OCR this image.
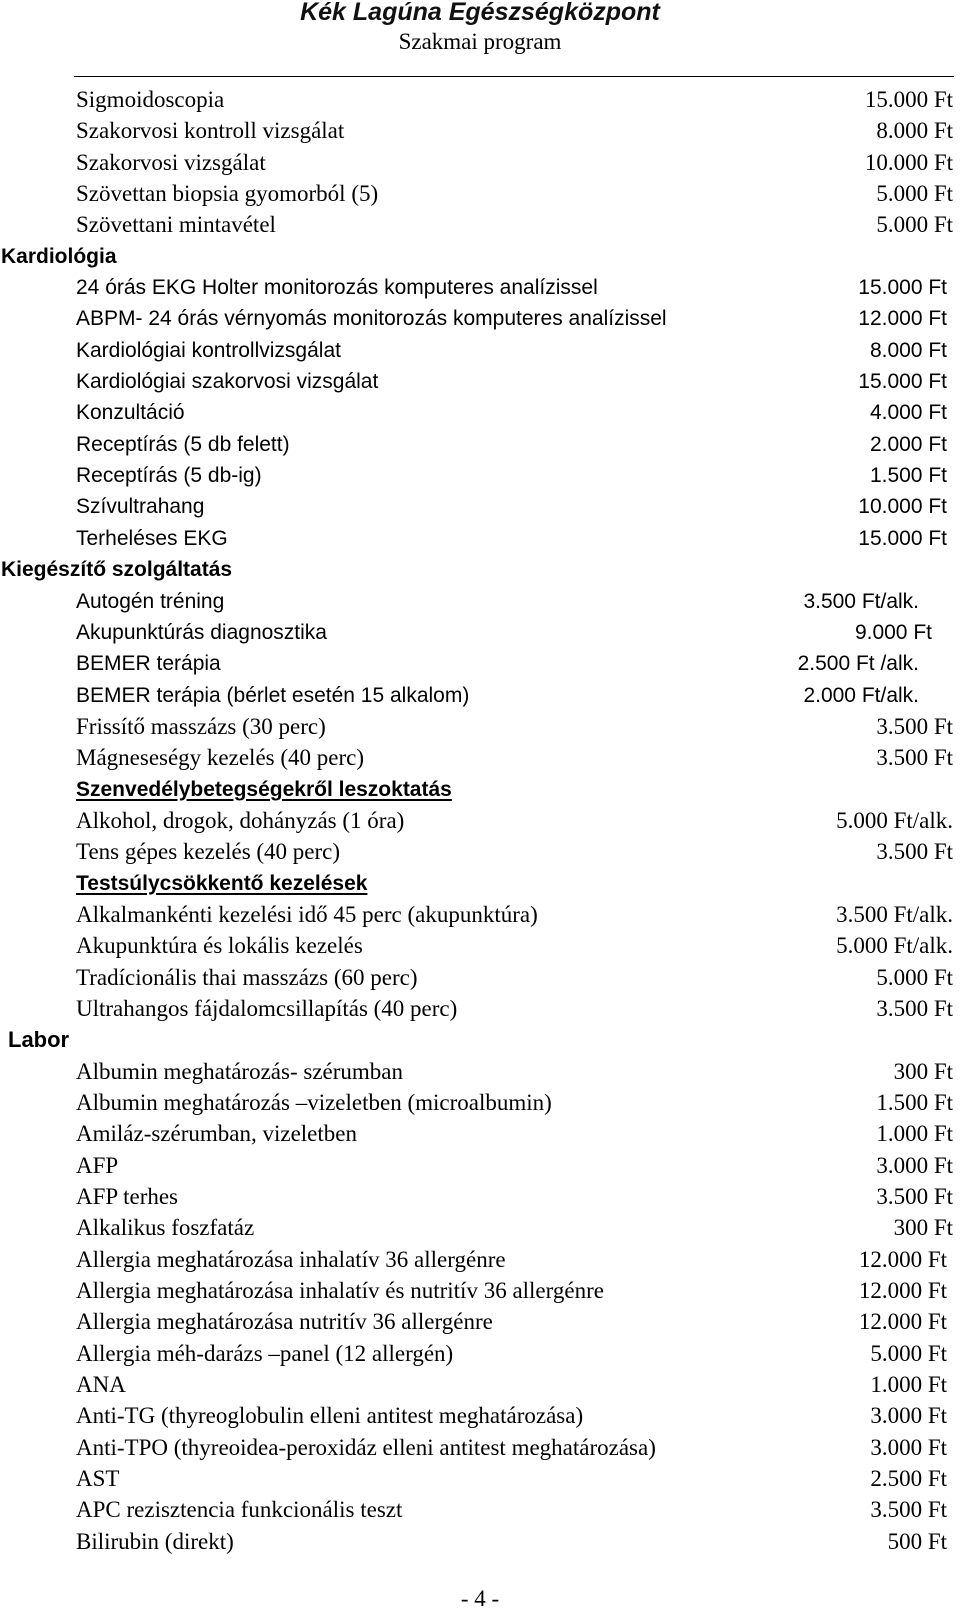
Kék Lagúna Egészségközpont
Szakmai program
Sigmoidoscopia	15.000 Ft
Szakorvosi kontroll vizsgálat	8.000 Ft
Szakorvosi vizsgálat	10.000 Ft
Szövettan biopsia gyomorból (5)	5.000 Ft
Szövettani mintavétel	5.000 Ft
Kardiológia
24 órás EKG Holter monitorozás komputeres analízissel	15.000 Ft
ABPM- 24 órás vérnyomás monitorozás komputeres analízissel	12.000 Ft
Kardiológiai kontrollvizsgálat	8.000 Ft
Kardiológiai szakorvosi vizsgálat	15.000 Ft
Konzultáció	4.000 Ft
Receptírás (5 db felett)	2.000 Ft
Receptírás (5 db-ig)	1.500 Ft
Szívultrahang	10.000 Ft
Terheléses EKG	15.000 Ft
Kiegészítő szolgáltatás
Autogén tréning	3.500 Ft/alk.
Akupunktúrás diagnosztika	9.000 Ft
BEMER terápia	2.500 Ft /alk.
BEMER terápia (bérlet esetén 15 alkalom)	2.000 Ft/alk.
Frissítő masszázs (30 perc)	3.500 Ft
Mágneseségy kezelés (40 perc)	3.500 Ft
Szenvedélybetegségekről leszoktatás
Alkohol, drogok, dohányzás (1 óra)	5.000 Ft/alk.
Tens gépes kezelés (40 perc)	3.500 Ft
Testsúlycsökkentő kezelések
Alkalmankénti kezelési idő 45 perc (akupunktúra)	3.500 Ft/alk.
Akupunktúra és lokális kezelés	5.000 Ft/alk.
Tradícionális thai masszázs (60 perc)	5.000 Ft
Ultrahangos fájdalomcsillapítás (40 perc)	3.500 Ft
Labor
Albumin meghatározás- szérumban	300 Ft
Albumin meghatározás –vizeletben (microalbumin)	1.500 Ft
Amiláz-szérumban, vizeletben	1.000 Ft
AFP	3.000 Ft
AFP terhes	3.500 Ft
Alkalikus foszfatáz	300 Ft
Allergia meghatározása inhalatív 36 allergénre	12.000 Ft
Allergia meghatározása inhalatív és nutritív 36 allergénre	12.000 Ft
Allergia meghatározása nutritív 36 allergénre	12.000 Ft
Allergia méh-darázs –panel (12 allergén)	5.000 Ft
ANA	1.000 Ft
Anti-TG (thyreoglobulin elleni antitest meghatározása)	3.000 Ft
Anti-TPO (thyreoidea-peroxidáz elleni antitest meghatározása)	3.000 Ft
AST	2.500 Ft
APC rezisztencia funkcionális teszt	3.500 Ft
Bilirubin (direkt)	500 Ft
- 4 -
